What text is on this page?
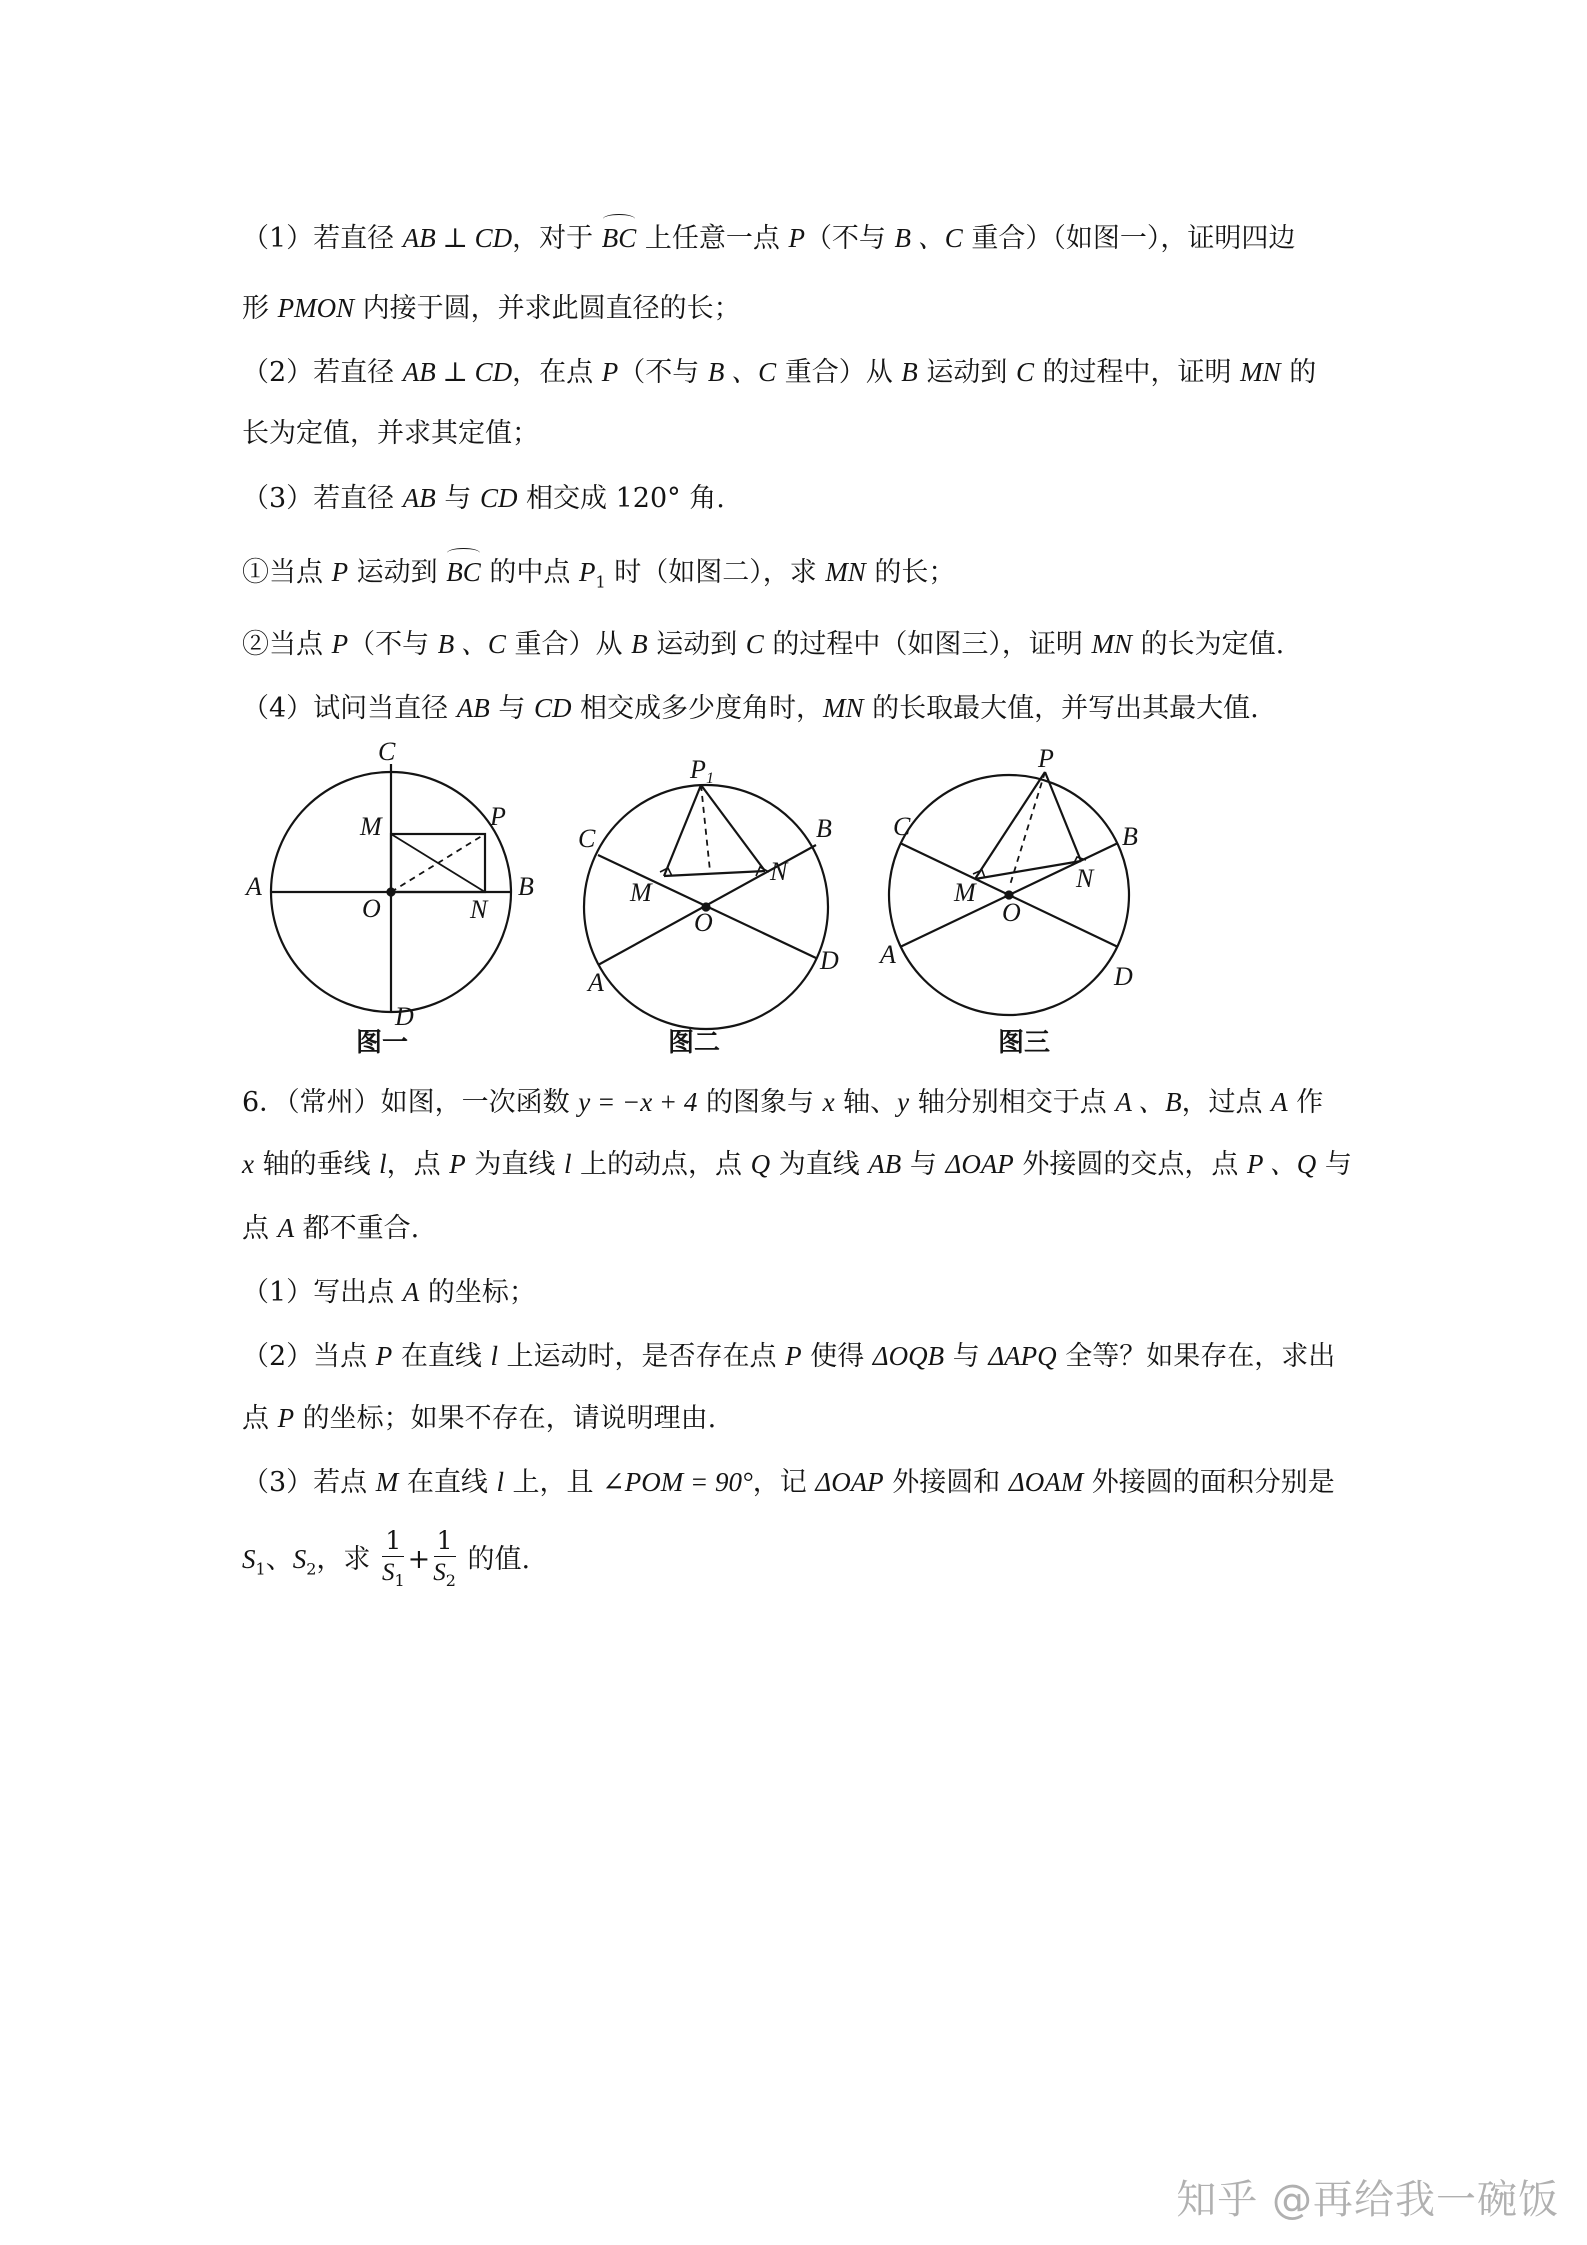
（1）若直径 AB ⊥ CD，对于 BC 上任意一点 P（不与 B 、C 重合）（如图一），证明四边
形 PMON 内接于圆，并求此圆直径的长；
（2）若直径 AB ⊥ CD，在点 P（不与 B 、C 重合）从 B 运动到 C 的过程中，证明 MN 的
长为定值，并求其定值；
（3）若直径 AB 与 CD 相交成 120° 角.
①当点 P 运动到 BC 的中点 $P_1$ 时（如图二），求 MN 的长；
②当点 P（不与 B 、C 重合）从 B 运动到 C 的过程中（如图三），证明 MN 的长为定值.
（4）试问当直径 AB 与 CD 相交成多少度角时，MN 的长取最大值，并写出其最大值.
C
M	P
A
O	N
B
D
图一
P 1
C	B
M
N
O
A
D
图二
P
C	B
M	N
O
A
D
图三
6．（常州）如图，一次函数 y = −x + 4 的图象与 x 轴、y 轴分别相交于点 A 、B，过点 A 作
x 轴的垂线 l，点 P 为直线 l 上的动点，点 Q 为直线 AB 与 ΔOAP 外接圆的交点，点 P 、Q 与
点 A 都不重合.
（1）写出点 A 的坐标；
（2）当点 P 在直线 l 上运动时，是否存在点 P 使得 ΔOQB 与 ΔAPQ 全等？如果存在，求出
点 P 的坐标；如果不存在，请说明理由.
（3）若点 M 在直线 l 上，且 ∠POM = 90°，记 ΔOAP 外接圆和 ΔOAM 外接圆的面积分别是
$S_1$、$S_2$，求 $\frac{1}{S_1} + \frac{1}{S_2}$ 的值.
知乎 @再给我一碗饭
